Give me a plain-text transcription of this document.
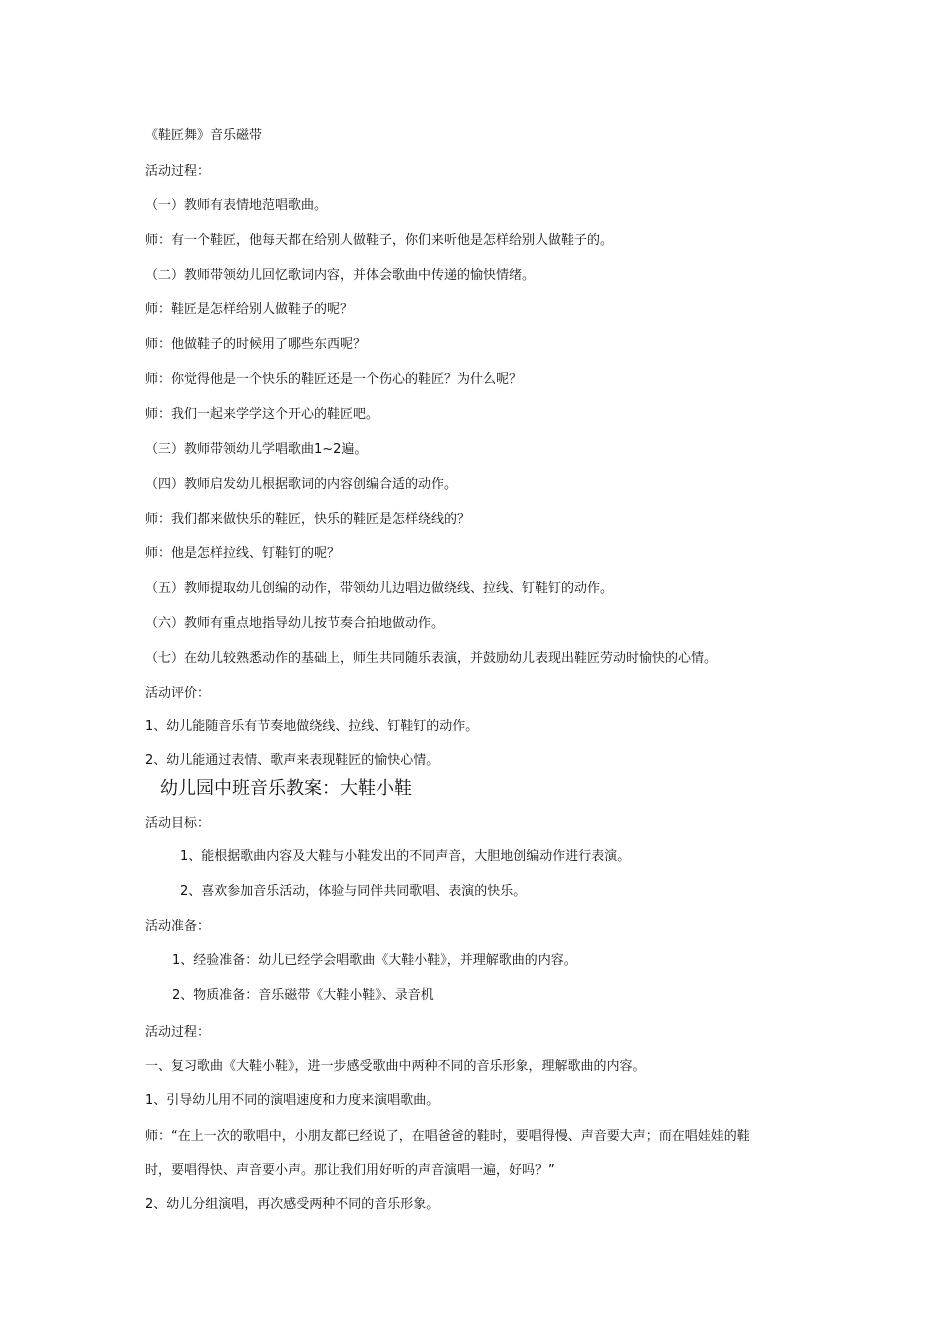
《鞋匠舞》音乐磁带
活动过程：
（一）教师有表情地范唱歌曲。
师：有一个鞋匠，他每天都在给别人做鞋子，你们来听他是怎样给别人做鞋子的。
（二）教师带领幼儿回忆歌词内容，并体会歌曲中传递的愉快情绪。
师：鞋匠是怎样给别人做鞋子的呢？
师：他做鞋子的时候用了哪些东西呢？
师：你觉得他是一个快乐的鞋匠还是一个伤心的鞋匠？为什么呢？
师：我们一起来学学这个开心的鞋匠吧。
（三）教师带领幼儿学唱歌曲1~2遍。
（四）教师启发幼儿根据歌词的内容创编合适的动作。
师：我们都来做快乐的鞋匠，快乐的鞋匠是怎样绕线的？
师：他是怎样拉线、钉鞋钉的呢？
（五）教师提取幼儿创编的动作，带领幼儿边唱边做绕线、拉线、钉鞋钉的动作。
（六）教师有重点地指导幼儿按节奏合拍地做动作。
（七）在幼儿较熟悉动作的基础上，师生共同随乐表演，并鼓励幼儿表现出鞋匠劳动时愉快的心情。
活动评价：
1、幼儿能随音乐有节奏地做绕线、拉线、钉鞋钉的动作。
2、幼儿能通过表情、歌声来表现鞋匠的愉快心情。
幼儿园中班音乐教案：大鞋小鞋
活动目标：
1、能根据歌曲内容及大鞋与小鞋发出的不同声音，大胆地创编动作进行表演。
2、喜欢参加音乐活动，体验与同伴共同歌唱、表演的快乐。
活动准备：
1、经验准备：幼儿已经学会唱歌曲《大鞋小鞋》，并理解歌曲的内容。
2、物质准备：音乐磁带《大鞋小鞋》、录音机
活动过程：
一、复习歌曲《大鞋小鞋》，进一步感受歌曲中两种不同的音乐形象，理解歌曲的内容。
1、引导幼儿用不同的演唱速度和力度来演唱歌曲。
师：“在上一次的歌唱中，小朋友都已经说了，在唱爸爸的鞋时，要唱得慢、声音要大声；而在唱娃娃的鞋
时，要唱得快、声音要小声。那让我们用好听的声音演唱一遍，好吗？”
2、幼儿分组演唱，再次感受两种不同的音乐形象。
